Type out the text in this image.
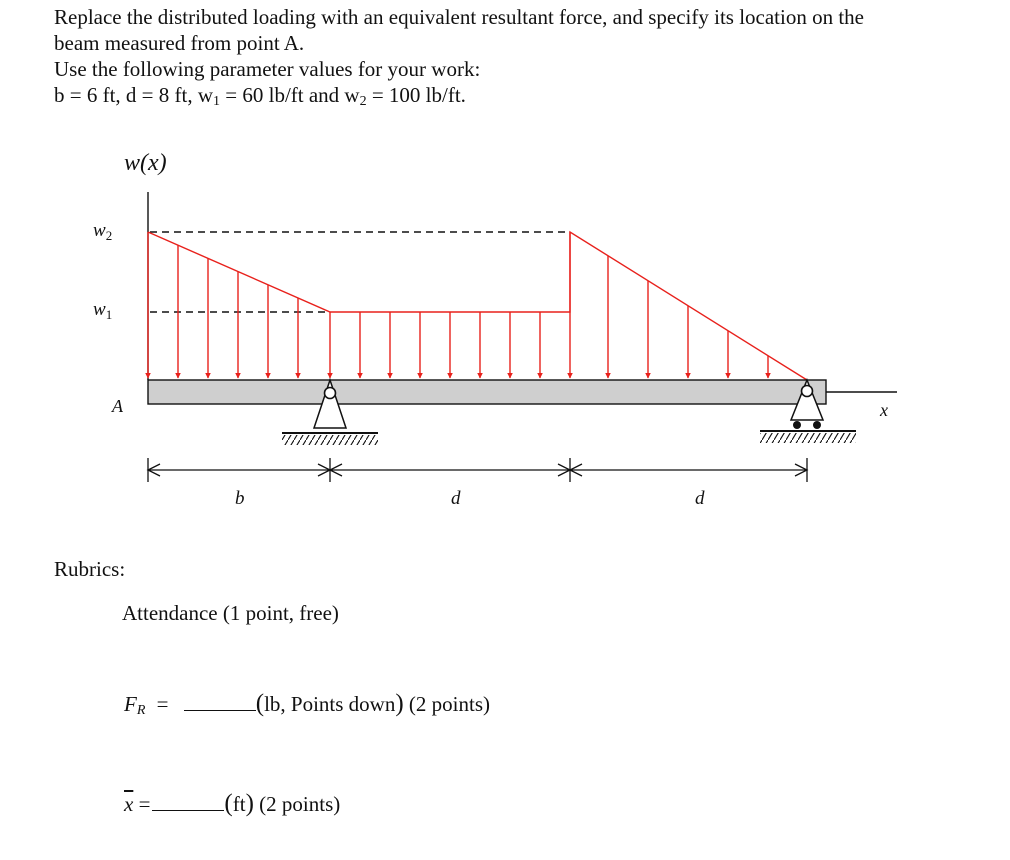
Replace the distributed loading with an equivalent resultant force, and specify its location on the

beam measured from point A.

Use the following parameter values for your work:

b = 6 ft, d = 8 ft, $w_1 = 60$ lb/ft and $w_2 = 100$ lb/ft.

w(x)
$w_2$
$w_1$
A	x
b	d	d
Rubrics:
Attendance (1 point, free)
$F_R$ =	(lb, Points down) (2 points)
$\overline{x}$ =	(ft) (2 points)
